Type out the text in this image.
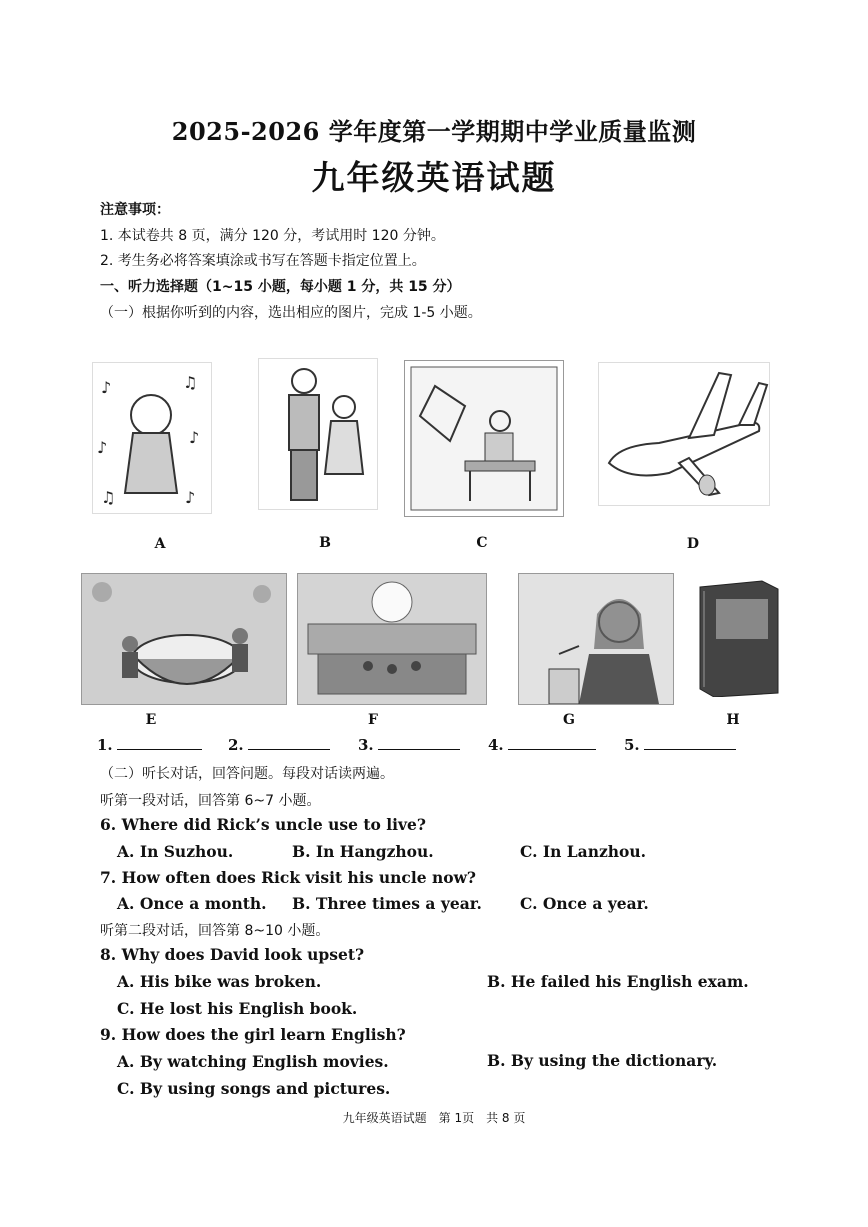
2025-2026 学年度第一学期期中学业质量监测
九年级英语试题
注意事项：
1. 本试卷共 8 页，满分 120 分，考试用时 120 分钟。
2. 考生务必将答案填涂或书写在答题卡指定位置上。
一、听力选择题（1~15 小题，每小题 1 分，共 15 分）
（一）根据你听到的内容，选出相应的图片，完成 1-5 小题。
♪	♫
♪
♪
♫	♪
A	B	C	D
E	F	G	H
1.	2.	3.	4.	5.
（二）听长对话，回答问题。每段对话读两遍。
听第一段对话，回答第 6~7 小题。
6. Where did Rick’s uncle use to live?
A. In Suzhou.	B. In Hangzhou.	C. In Lanzhou.
7. How often does Rick visit his uncle now?
A. Once a month. B. Three times a year. C. Once a year.
听第二段对话，回答第 8~10 小题。
8. Why does David look upset?
A. His bike was broken.	B. He failed his English exam.
C. He lost his English book.
9. How does the girl learn English?
A. By watching English movies.	B. By using the dictionary.
C. By using songs and pictures.
九年级英语试题　第 1页　共 8 页
